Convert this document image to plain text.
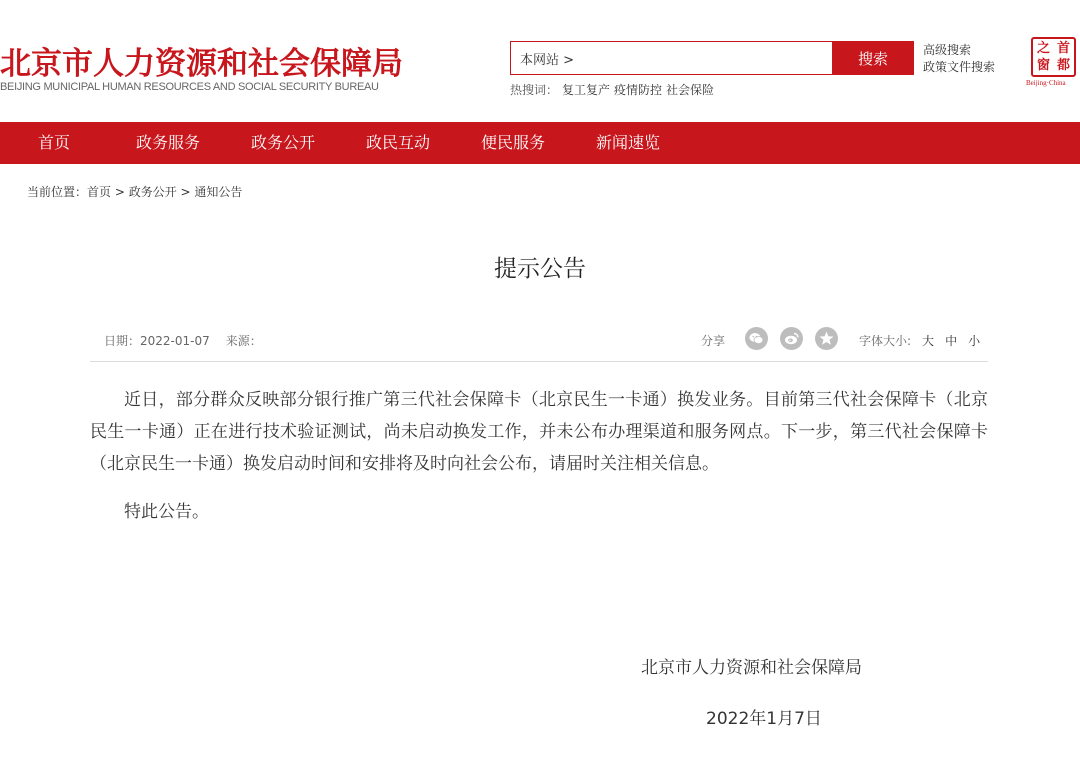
北京市人力资源和社会保障局
BEIJING MUNICIPAL HUMAN RESOURCES AND SOCIAL SECURITY BUREAU
本网站 >	搜索	高级搜索
政策文件搜索
热搜词： 复工复产 疫情防控 社会保险
首
都
之
窗
Beijing·China
首页	政务服务	政务公开	政民互动	便民服务	新闻速览
当前位置：首页 > 政务公开 > 通知公告
提示公告
日期：2022-01-07 来源：	分享	字体大小: 大 中 小

近日，部分群众反映部分银行推广第三代社会保障卡（北京民生一卡通）换发业务。目前第三代社会保障卡（北京民生一卡通）正在进行技术验证测试，尚未启动换发工作，并未公布办理渠道和服务网点。下一步，第三代社会保障卡（北京民生一卡通）换发启动时间和安排将及时向社会公布，请届时关注相关信息。

特此公告。

北京市人力资源和社会保障局
2022年1月7日
